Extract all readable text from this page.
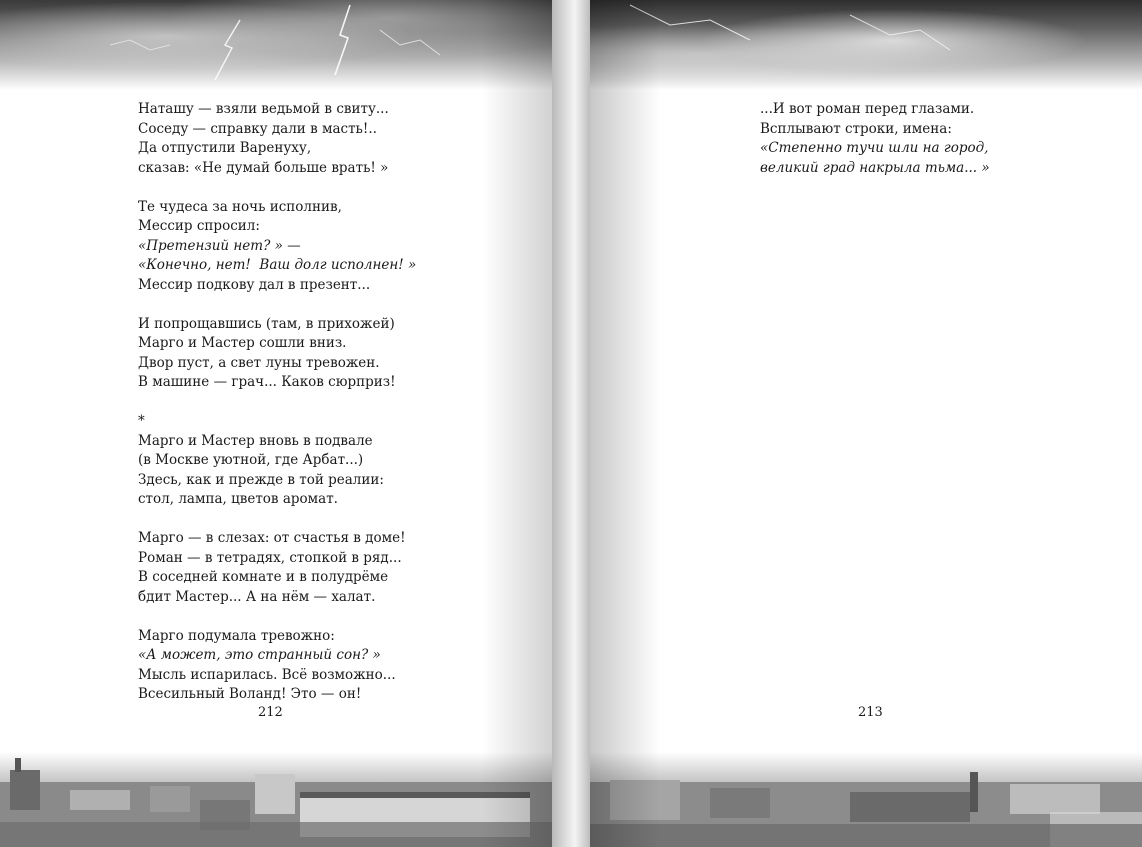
Наташу — взяли ведьмой в свиту...
Соседу — справку дали в масть!..
Да отпустили Варенуху,
сказав: «Не думай больше врать! »
Те чудеса за ночь исполнив,
Мессир спросил:
«Претензий нет? » —
«Конечно, нет!  Ваш долг исполнен! »
Мессир подкову дал в презент...
И попрощавшись (там, в прихожей)
Марго и Мастер сошли вниз.
Двор пуст, а свет луны тревожен.
В машине — грач... Каков сюрприз!
*
Марго и Мастер вновь в подвале
(в Москве уютной, где Арбат...)
Здесь, как и прежде в той реалии:
стол, лампа, цветов аромат.
Марго — в слезах: от счастья в доме!
Роман — в тетрадях, стопкой в ряд...
В соседней комнате и в полудрёме
бдит Мастер... А на нём — халат.
Марго подумала тревожно:
«А может, это странный сон? »
Мысль испарилась. Всё возможно...
Всесильный Воланд! Это — он!
212
...И вот роман перед глазами.
Всплывают строки, имена:
«Степенно тучи шли на город,
великий град накрыла тьма... »
213
